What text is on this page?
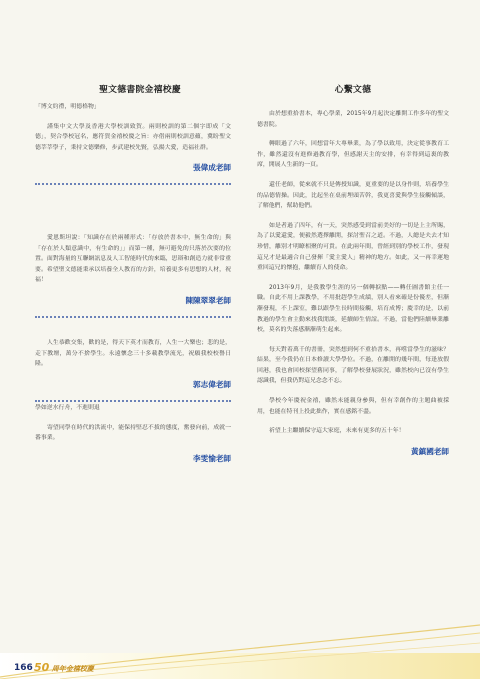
聖文德書院金禧校慶

「博文約禮，明德格物」

謹集中文大學及香港大學校訓致賀。兩則校訓的第二個字即成「文德」，契合學校冠名，應符賀金禧校慶之旨：亦借兩則校訓意蘊，冀盼聖文德莘莘學子，秉持文德樂修，步武建校先賢，弘揚大愛，造福社群。

張偉成老師

愛恩斯坦說：「知識存在於兩種形式：「存放於書本中，無生命的」與「存在於人類意識中，有生命的」」而第一種，無可避免的只落於次要的位置。面對海量的互聯網訊息及人工智能時代的來臨，思辯和創造力就非常重要。希望聖文德能秉承以培養全人教育的方針，培養更多有思想的人材，祝福！

陳陳翠翠老師

人生恭歡交集，歡的是，得天下英才而教育，人生一大樂也；悲的是，走下教壇，萬分不捨學生。永遠懷念三十多載教學流光，祝願我校校譽日隆。

郭志偉老師

學如逆水行舟，不進則退

寄望同學在時代的洪流中，能保持堅忍不拔的態度，奮發向前，成就一番事業。

李雯愉老師
心繫文德

由於想重拾書本，專心學業，2015年9月起決定離開工作多年的聖文德書院。

轉眼過了六年，回想當年大專畢業，為了學以致用，決定從事教育工作，雖然還沒有進修過教育學，但感謝天主的安排，有幸得到這裏的教席，開展人生新的一頁。

還任老師，從來就不只是傳授知識，更重要的是以身作則，培養學生的品德情操。因此，比起坐在桌前埋頭苦幹，我更喜愛與學生接觸傾談，了解他們，幫助他們。

如是者過了四年，有一天，突然感受到當前美好的一切是上主所賜，為了以愛還愛，便毅然選擇離開，探討聖召之道。不過，人總是夫去才知珍惜，離別才明瞭相聚的可貴。在此兩年間，曾經到別的學校工作，發現這兄才是最適合自己發揮「愛主愛人」精神的地方。如此，又一再幸運地重回這兄的懷抱，繼續育人的使命。

2013年9月，是我教學生涯的另一個轉捩點——轉任圖書館主任一職。自此不用上課教學，不用批趕學生成績，別人看來確是份優差，但漸漸發現，不上課室，難以跟學生長時間接觸，培育成博；慶幸的是，以前教過的學生會主動來找我閒談，延續師生情誼。不過，當他們陸續畢業離校，莫名的失落感漸漸萌生起來。

每天對着萬千的書冊，突然想到何不重拾書本，再嚐當學生的滋味？結果，至今我仍在日本修讀大學學位。不過，在離開的幾年間，每逢放假回港，我也會回校探望舊同事，了解學校發展狀況，雖然校內已沒有學生認識我，但我仍對這兄念念不忘。

學校今年慶祝金禧，雖然未能親身參與，但有幸創作的主題曲被採用，也能在特刊上投此拙作，實在感銘不盡。

祈望上主繼續保守這大家庭，未來有更多的五十年！

黃鎮國老師
166 50 周年金禧校慶
